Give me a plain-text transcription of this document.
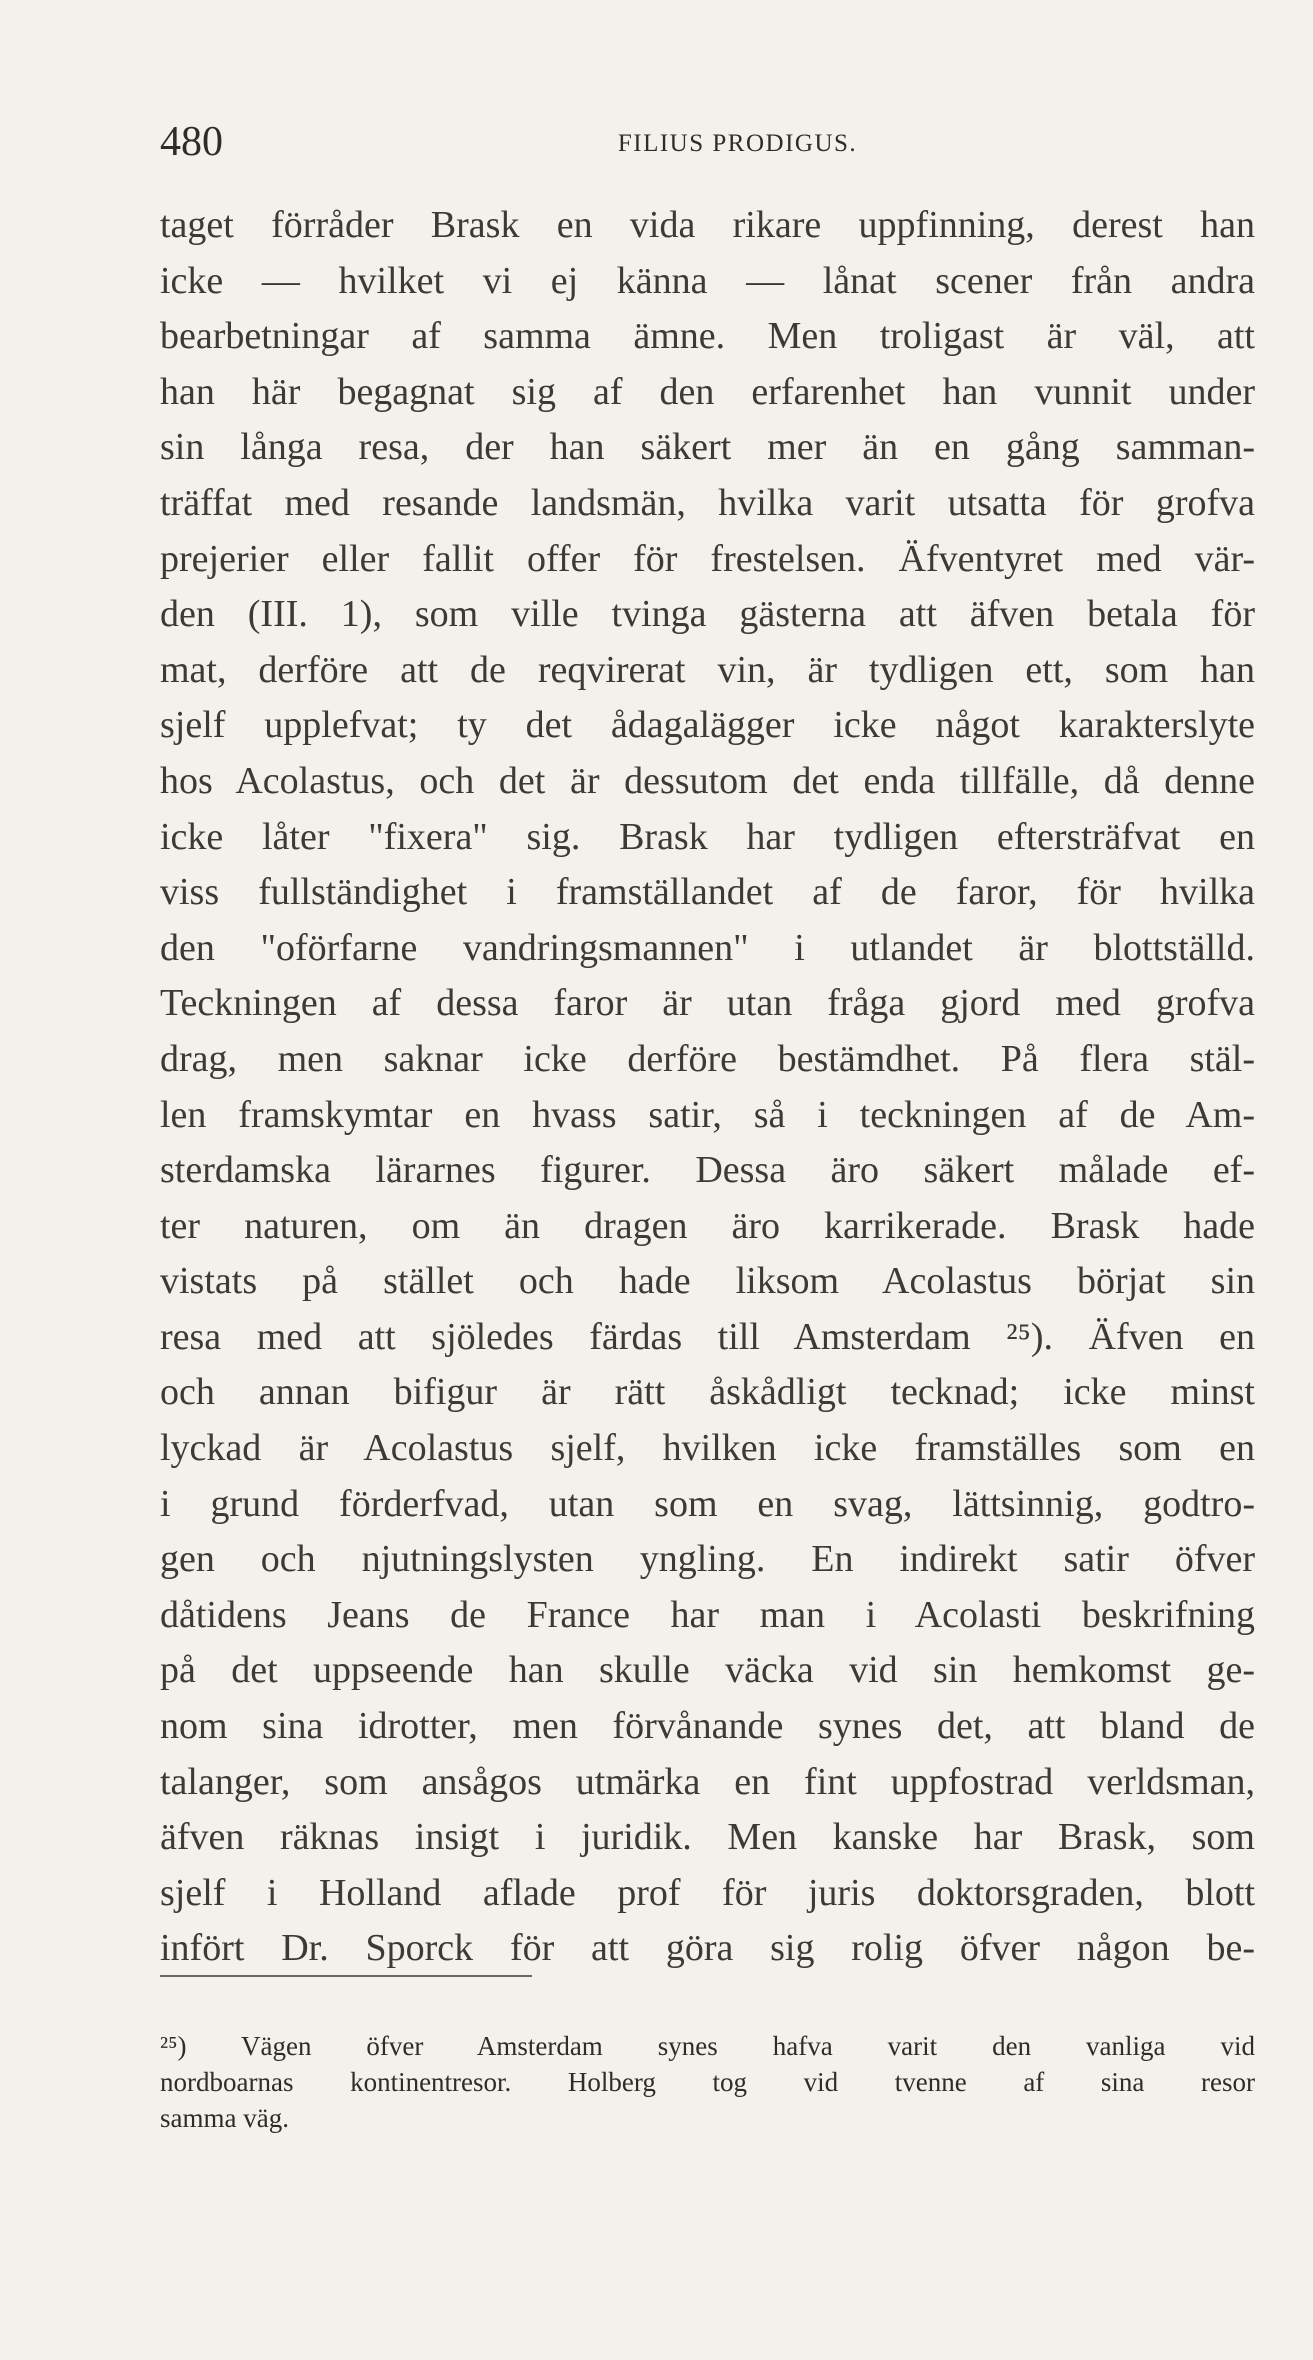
480	FILIUS PRODIGUS.
taget förråder Brask en vida rikare uppfinning, derest han
icke — hvilket vi ej känna — lånat scener från andra
bearbetningar af samma ämne. Men troligast är väl, att
han här begagnat sig af den erfarenhet han vunnit under
sin långa resa, der han säkert mer än en gång samman-
träffat med resande landsmän, hvilka varit utsatta för grofva
prejerier eller fallit offer för frestelsen. Äfventyret med vär-
den (III. 1), som ville tvinga gästerna att äfven betala för
mat, derföre att de reqvirerat vin, är tydligen ett, som han
sjelf upplefvat; ty det ådagalägger icke något karakterslyte
hos Acolastus, och det är dessutom det enda tillfälle, då denne
icke låter "fixera" sig. Brask har tydligen eftersträfvat en
viss fullständighet i framställandet af de faror, för hvilka
den "oförfarne vandringsmannen" i utlandet är blottställd.
Teckningen af dessa faror är utan fråga gjord med grofva
drag, men saknar icke derföre bestämdhet. På flera stäl-
len framskymtar en hvass satir, så i teckningen af de Am-
sterdamska lärarnes figurer. Dessa äro säkert målade ef-
ter naturen, om än dragen äro karrikerade. Brask hade
vistats på stället och hade liksom Acolastus börjat sin
resa med att sjöledes färdas till Amsterdam ²⁵). Äfven en
och annan bifigur är rätt åskådligt tecknad; icke minst
lyckad är Acolastus sjelf, hvilken icke framställes som en
i grund förderfvad, utan som en svag, lättsinnig, godtro-
gen och njutningslysten yngling. En indirekt satir öfver
dåtidens Jeans de France har man i Acolasti beskrifning
på det uppseende han skulle väcka vid sin hemkomst ge-
nom sina idrotter, men förvånande synes det, att bland de
talanger, som ansågos utmärka en fint uppfostrad verldsman,
äfven räknas insigt i juridik. Men kanske har Brask, som
sjelf i Holland aflade prof för juris doktorsgraden, blott
infört Dr. Sporck för att göra sig rolig öfver någon be-
²⁵) Vägen öfver Amsterdam synes hafva varit den vanliga vid
nordboarnas kontinentresor. Holberg tog vid tvenne af sina resor
samma väg.
